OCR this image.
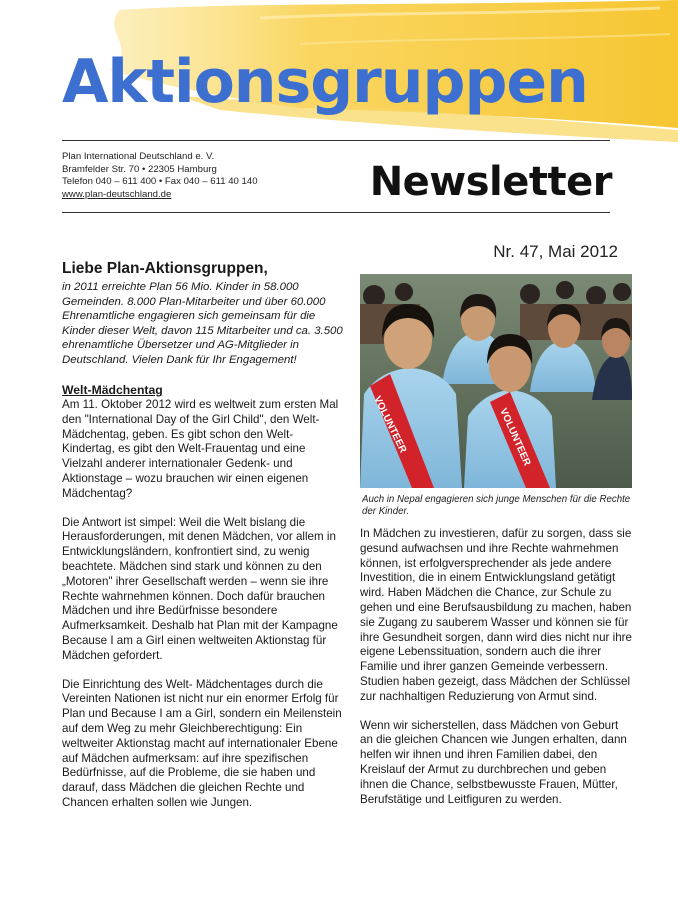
Aktionsgruppen
Plan International Deutschland e. V.
Bramfelder Str. 70 • 22305 Hamburg
Telefon 040 – 611 400 • Fax 040 – 611 40 140
www.plan-deutschland.de	Newsletter
Nr. 47, Mai 2012

Liebe Plan-Aktionsgruppen,

in 2011 erreichte Plan 56 Mio. Kinder in 58.000 Gemeinden. 8.000 Plan-Mitarbeiter und über 60.000 Ehrenamtliche engagieren sich gemeinsam für die Kinder dieser Welt, davon 115 Mitarbeiter und ca. 3.500 ehrenamtliche Übersetzer und AG-Mitglieder in Deutschland. Vielen Dank für Ihr Engagement!

Welt-Mädchentag

Am 11. Oktober 2012 wird es weltweit zum ersten Mal den "International Day of the Girl Child", den Welt-Mädchentag, geben. Es gibt schon den Welt-Kindertag, es gibt den Welt-Frauentag und eine Vielzahl anderer internationaler Gedenk- und Aktionstage – wozu brauchen wir einen eigenen Mädchentag?

Die Antwort ist simpel: Weil die Welt bislang die Herausforderungen, mit denen Mädchen, vor allem in Entwicklungsländern, konfrontiert sind, zu wenig beachtete. Mädchen sind stark und können zu den „Motoren" ihrer Gesellschaft werden – wenn sie ihre Rechte wahrnehmen können. Doch dafür brauchen Mädchen und ihre Bedürfnisse besondere Aufmerksamkeit. Deshalb hat Plan mit der Kampagne Because I am a Girl einen weltweiten Aktionstag für Mädchen gefordert.

Die Einrichtung des Welt- Mädchentages durch die Vereinten Nationen ist nicht nur ein enormer Erfolg für Plan und Because I am a Girl, sondern ein Meilenstein auf dem Weg zu mehr Gleichberechtigung: Ein weltweiter Aktionstag macht auf internationaler Ebene auf Mädchen aufmerksam: auf ihre spezifischen Bedürfnisse, auf die Probleme, die sie haben und darauf, dass Mädchen die gleichen Rechte und Chancen erhalten sollen wie Jungen.

VOLUNTEER	VOLUNTEER
Auch in Nepal engagieren sich junge Menschen für die Rechte der Kinder.

In Mädchen zu investieren, dafür zu sorgen, dass sie gesund aufwachsen und ihre Rechte wahrnehmen können, ist erfolgversprechender als jede andere Investition, die in einem Entwicklungsland getätigt wird. Haben Mädchen die Chance, zur Schule zu gehen und eine Berufsausbildung zu machen, haben sie Zugang zu sauberem Wasser und können sie für ihre Gesundheit sorgen, dann wird dies nicht nur ihre eigene Lebenssituation, sondern auch die ihrer Familie und ihrer ganzen Gemeinde verbessern. Studien haben gezeigt, dass Mädchen der Schlüssel zur nachhaltigen Reduzierung von Armut sind.

Wenn wir sicherstellen, dass Mädchen von Geburt an die gleichen Chancen wie Jungen erhalten, dann helfen wir ihnen und ihren Familien dabei, den Kreislauf der Armut zu durchbrechen und geben ihnen die Chance, selbstbewusste Frauen, Mütter, Berufstätige und Leitfiguren zu werden.
